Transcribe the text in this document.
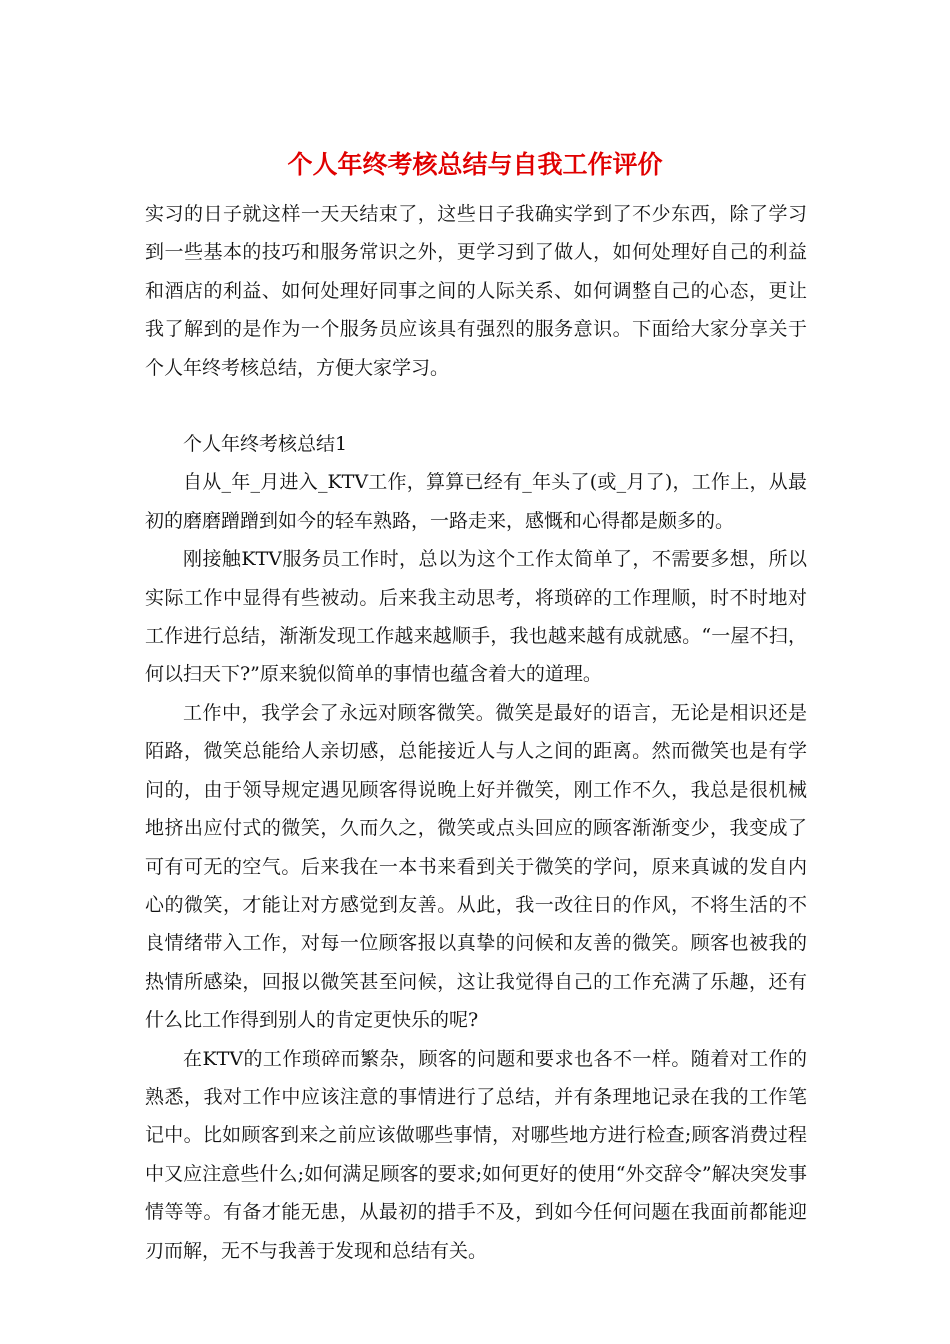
个人年终考核总结与自我工作评价

实习的日子就这样一天天结束了，这些日子我确实学到了不少东西，除了学习到一些基本的技巧和服务常识之外，更学习到了做人，如何处理好自己的利益和酒店的利益、如何处理好同事之间的人际关系、如何调整自己的心态，更让我了解到的是作为一个服务员应该具有强烈的服务意识。下面给大家分享关于个人年终考核总结，方便大家学习。

个人年终考核总结1

自从_年_月进入_KTV工作，算算已经有_年头了(或_月了)，工作上，从最初的磨磨蹭蹭到如今的轻车熟路，一路走来，感慨和心得都是颇多的。

刚接触KTV服务员工作时，总以为这个工作太简单了，不需要多想，所以实际工作中显得有些被动。后来我主动思考，将琐碎的工作理顺，时不时地对工作进行总结，渐渐发现工作越来越顺手，我也越来越有成就感。“一屋不扫，何以扫天下?”原来貌似简单的事情也蕴含着大的道理。

工作中，我学会了永远对顾客微笑。微笑是最好的语言，无论是相识还是陌路，微笑总能给人亲切感，总能接近人与人之间的距离。然而微笑也是有学问的，由于领导规定遇见顾客得说晚上好并微笑，刚工作不久，我总是很机械地挤出应付式的微笑，久而久之，微笑或点头回应的顾客渐渐变少，我变成了可有可无的空气。后来我在一本书来看到关于微笑的学问，原来真诚的发自内心的微笑，才能让对方感觉到友善。从此，我一改往日的作风，不将生活的不良情绪带入工作，对每一位顾客报以真挚的问候和友善的微笑。顾客也被我的热情所感染，回报以微笑甚至问候，这让我觉得自己的工作充满了乐趣，还有什么比工作得到别人的肯定更快乐的呢?

在KTV的工作琐碎而繁杂，顾客的问题和要求也各不一样。随着对工作的熟悉，我对工作中应该注意的事情进行了总结，并有条理地记录在我的工作笔记中。比如顾客到来之前应该做哪些事情，对哪些地方进行检查;顾客消费过程中又应注意些什么;如何满足顾客的要求;如何更好的使用“外交辞令”解决突发事情等等。有备才能无患，从最初的措手不及，到如今任何问题在我面前都能迎刃而解，无不与我善于发现和总结有关。
